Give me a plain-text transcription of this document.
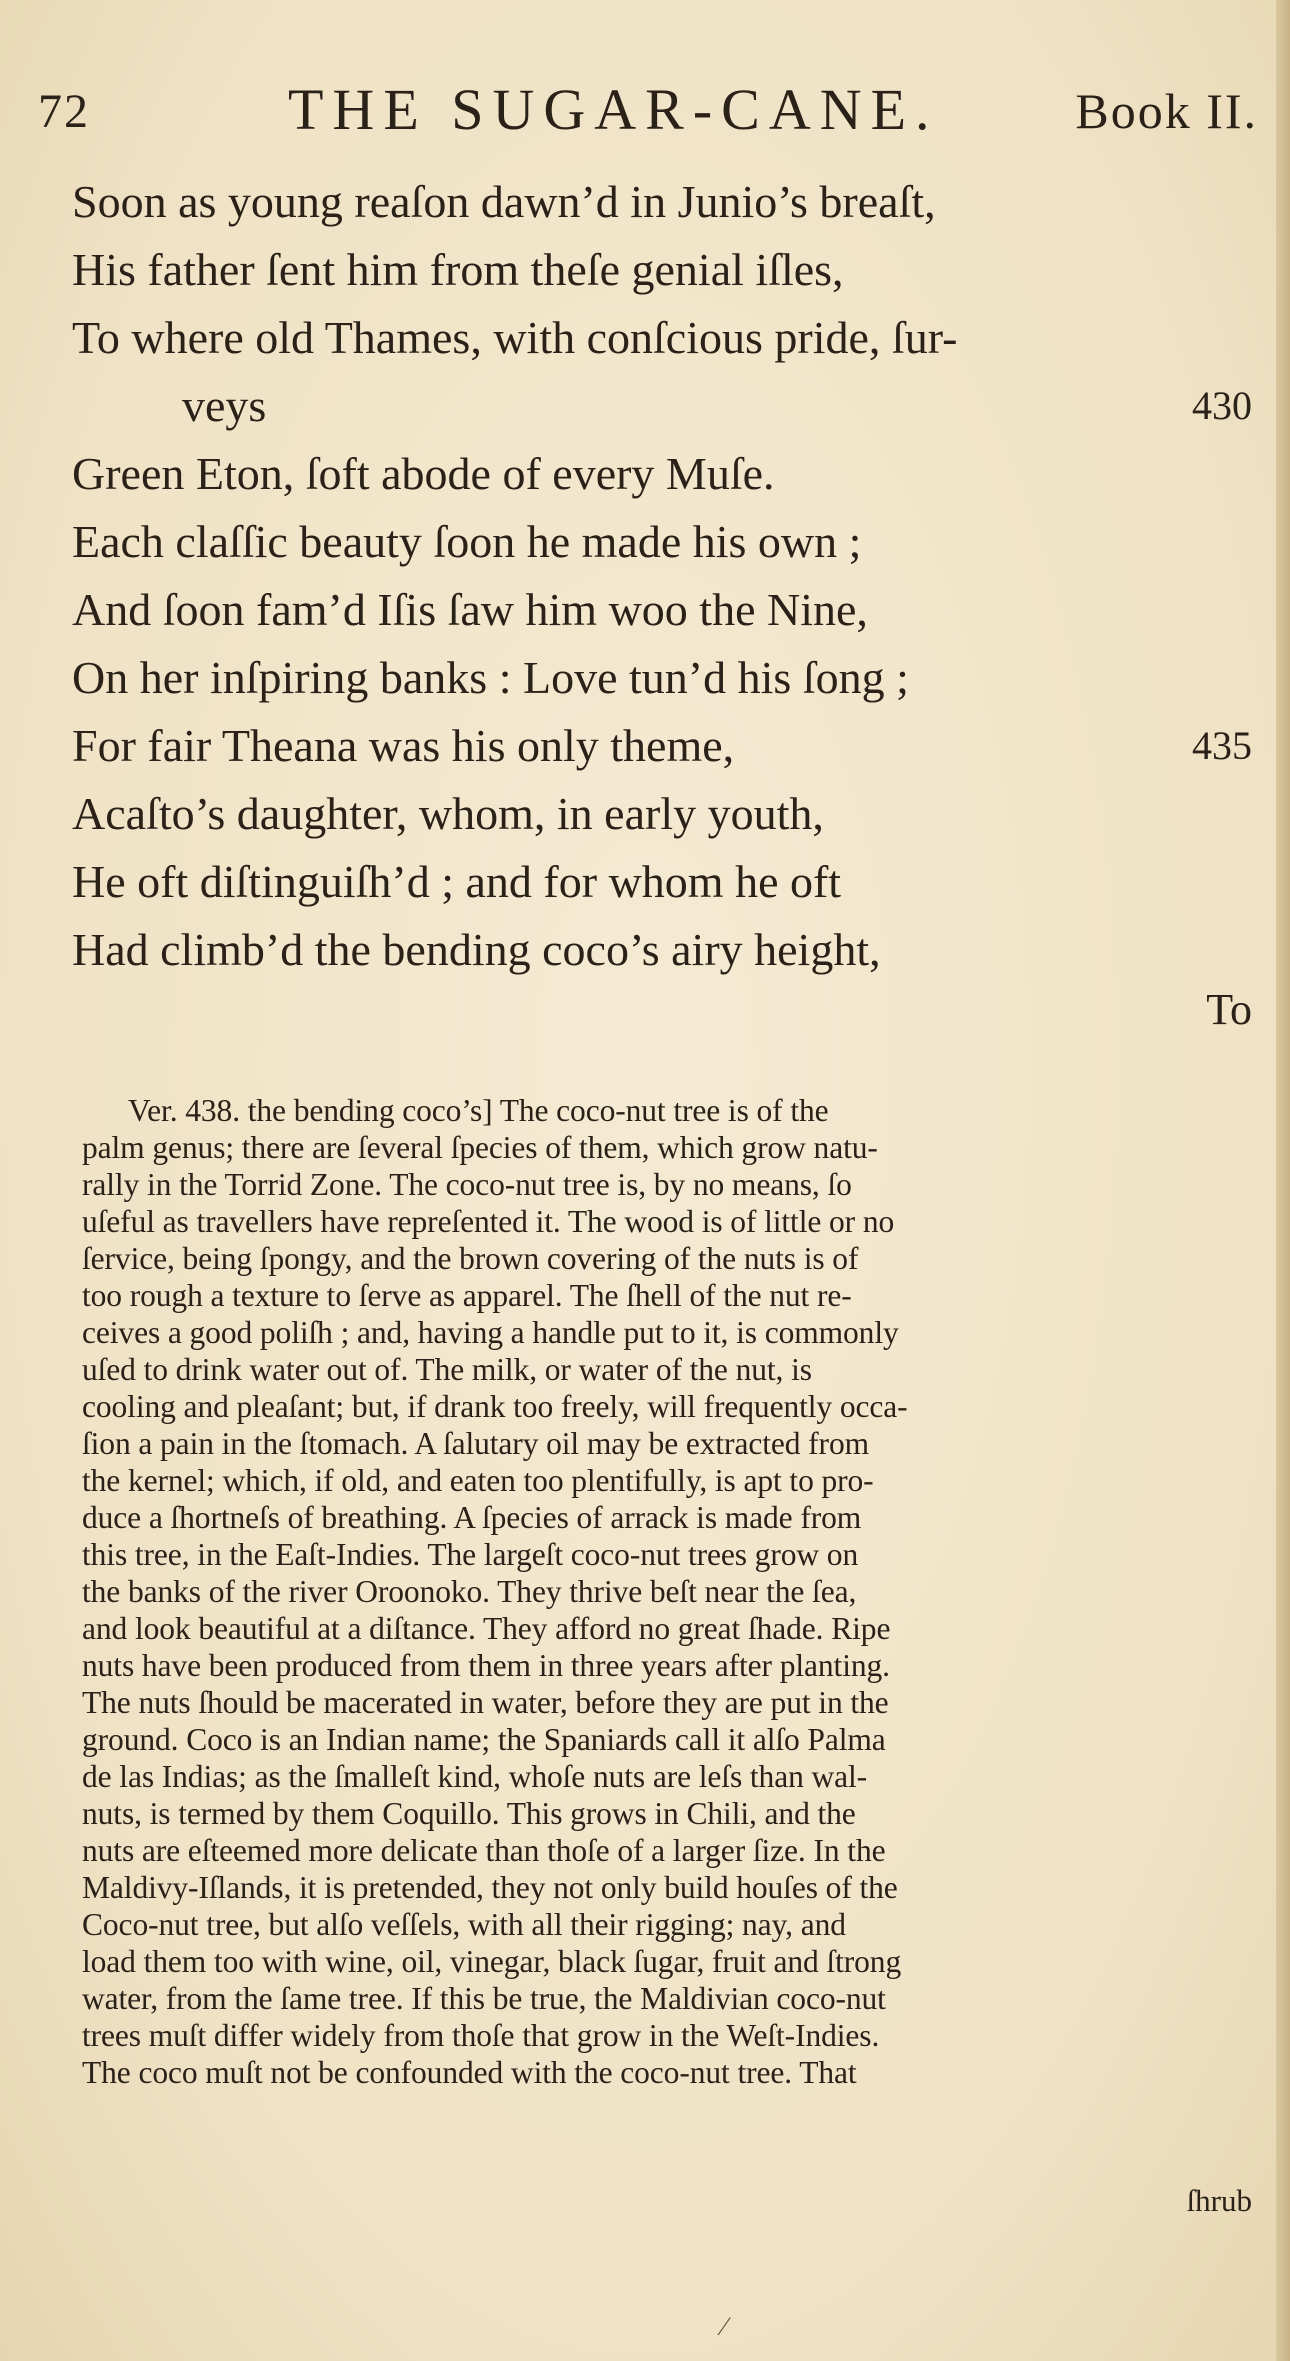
72	THE SUGAR-CANE.	Book II.
Soon as young reaſon dawn’d in Junio’s breaſt,
His father ſent him from theſe genial iſles,
To where old Thames, with conſcious pride, ſur-
veys	430
Green Eton, ſoft abode of every Muſe.
Each claſſic beauty ſoon he made his own ;
And ſoon fam’d Iſis ſaw him woo the Nine,
On her inſpiring banks : Love tun’d his ſong ;
For fair Theana was his only theme,	435
Acaſto’s daughter, whom, in early youth,
He oft diſtinguiſh’d ; and for whom he oft
Had climb’d the bending coco’s airy height,
To
Ver. 438. the bending coco’s] The coco-nut tree is of the
palm genus; there are ſeveral ſpecies of them, which grow natu-
rally in the Torrid Zone. The coco-nut tree is, by no means, ſo
uſeful as travellers have repreſented it. The wood is of little or no
ſervice, being ſpongy, and the brown covering of the nuts is of
too rough a texture to ſerve as apparel. The ſhell of the nut re-
ceives a good poliſh ; and, having a handle put to it, is commonly
uſed to drink water out of. The milk, or water of the nut, is
cooling and pleaſant; but, if drank too freely, will frequently occa-
ſion a pain in the ſtomach. A ſalutary oil may be extracted from
the kernel; which, if old, and eaten too plentifully, is apt to pro-
duce a ſhortneſs of breathing. A ſpecies of arrack is made from
this tree, in the Eaſt-Indies. The largeſt coco-nut trees grow on
the banks of the river Oroonoko. They thrive beſt near the ſea,
and look beautiful at a diſtance. They afford no great ſhade. Ripe
nuts have been produced from them in three years after planting.
The nuts ſhould be macerated in water, before they are put in the
ground. Coco is an Indian name; the Spaniards call it alſo Palma
de las Indias; as the ſmalleſt kind, whoſe nuts are leſs than wal-
nuts, is termed by them Coquillo. This grows in Chili, and the
nuts are eſteemed more delicate than thoſe of a larger ſize. In the
Maldivy-Iſlands, it is pretended, they not only build houſes of the
Coco-nut tree, but alſo veſſels, with all their rigging; nay, and
load them too with wine, oil, vinegar, black ſugar, fruit and ſtrong
water, from the ſame tree. If this be true, the Maldivian coco-nut
trees muſt differ widely from thoſe that grow in the Weſt-Indies.
The coco muſt not be confounded with the coco-nut tree. That
ſhrub
⁄
